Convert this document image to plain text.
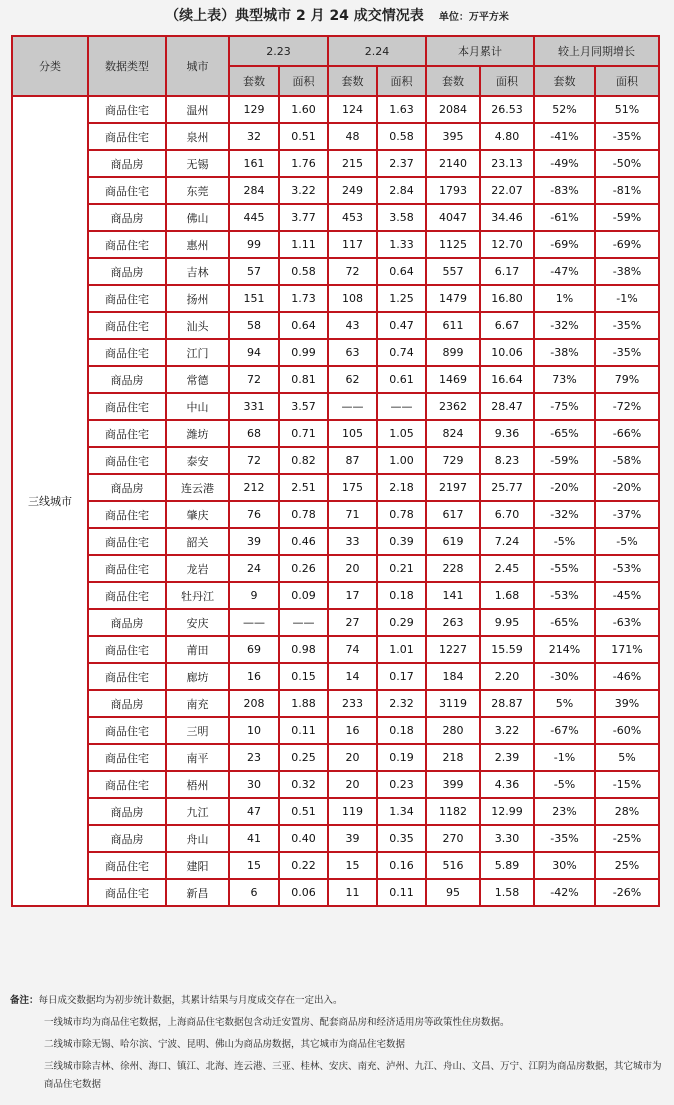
（续上表）典型城市 2 月 24 成交情况表 单位：万平方米
分类	数据类型	城市	2.23		2.24		本月累计		较上月同期增长	
			套数	面积	套数	面积	套数	面积	套数	面积
三线城市	商品住宅	温州	129	1.60	124	1.63	2084	26.53	52%	51%
	商品住宅	泉州	32	0.51	48	0.58	395	4.80	-41%	-35%
	商品房	无锡	161	1.76	215	2.37	2140	23.13	-49%	-50%
	商品住宅	东莞	284	3.22	249	2.84	1793	22.07	-83%	-81%
	商品房	佛山	445	3.77	453	3.58	4047	34.46	-61%	-59%
	商品住宅	惠州	99	1.11	117	1.33	1125	12.70	-69%	-69%
	商品房	吉林	57	0.58	72	0.64	557	6.17	-47%	-38%
	商品住宅	扬州	151	1.73	108	1.25	1479	16.80	1%	-1%
	商品住宅	汕头	58	0.64	43	0.47	611	6.67	-32%	-35%
	商品住宅	江门	94	0.99	63	0.74	899	10.06	-38%	-35%
	商品房	常德	72	0.81	62	0.61	1469	16.64	73%	79%
	商品住宅	中山	331	3.57	——	——	2362	28.47	-75%	-72%
	商品住宅	潍坊	68	0.71	105	1.05	824	9.36	-65%	-66%
	商品住宅	泰安	72	0.82	87	1.00	729	8.23	-59%	-58%
	商品房	连云港	212	2.51	175	2.18	2197	25.77	-20%	-20%
	商品住宅	肇庆	76	0.78	71	0.78	617	6.70	-32%	-37%
	商品住宅	韶关	39	0.46	33	0.39	619	7.24	-5%	-5%
	商品住宅	龙岩	24	0.26	20	0.21	228	2.45	-55%	-53%
	商品住宅	牡丹江	9	0.09	17	0.18	141	1.68	-53%	-45%
	商品房	安庆	——	——	27	0.29	263	9.95	-65%	-63%
	商品住宅	莆田	69	0.98	74	1.01	1227	15.59	214%	171%
	商品住宅	廊坊	16	0.15	14	0.17	184	2.20	-30%	-46%
	商品房	南充	208	1.88	233	2.32	3119	28.87	5%	39%
	商品住宅	三明	10	0.11	16	0.18	280	3.22	-67%	-60%
	商品住宅	南平	23	0.25	20	0.19	218	2.39	-1%	5%
	商品住宅	梧州	30	0.32	20	0.23	399	4.36	-5%	-15%
	商品房	九江	47	0.51	119	1.34	1182	12.99	23%	28%
	商品房	舟山	41	0.40	39	0.35	270	3.30	-35%	-25%
	商品住宅	建阳	15	0.22	15	0.16	516	5.89	30%	25%
	商品住宅	新昌	6	0.06	11	0.11	95	1.58	-42%	-26%
备注：每日成交数据均为初步统计数据，其累计结果与月度成交存在一定出入。
一线城市均为商品住宅数据，上海商品住宅数据包含动迁安置房、配套商品房和经济适用房等政策性住房数据。
二线城市除无锡、哈尔滨、宁波、昆明、佛山为商品房数据，其它城市为商品住宅数据
三线城市除吉林、徐州、海口、镇江、北海、连云港、三亚、桂林、安庆、南充、泸州、九江、舟山、文昌、万宁、江阴为商品房数据，其它城市为商品住宅数据
